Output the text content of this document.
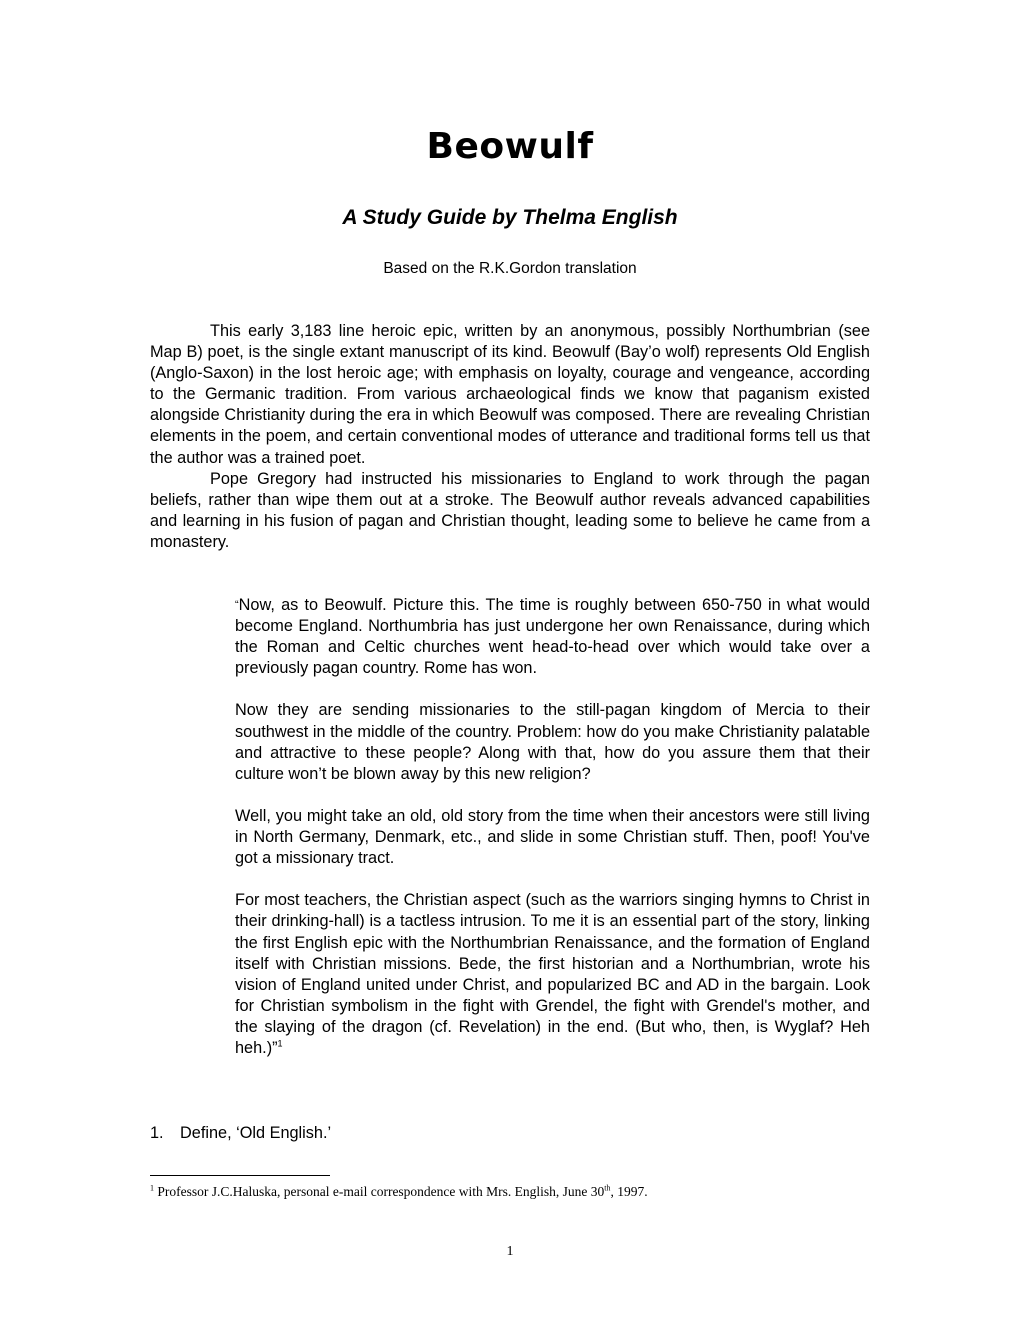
Beowulf
A Study Guide by Thelma English
Based on the R.K.Gordon translation

This early 3,183 line heroic epic, written by an anonymous, possibly Northumbrian (see Map B) poet, is the single extant manuscript of its kind. Beowulf (Bay’o wolf) represents Old English (Anglo-Saxon) in the lost heroic age; with emphasis on loyalty, courage and vengeance, according to the Germanic tradition. From various archaeological finds we know that paganism existed alongside Christianity during the era in which Beowulf was composed. There are revealing Christian elements in the poem, and certain conventional modes of utterance and traditional forms tell us that the author was a trained poet.

Pope Gregory had instructed his missionaries to England to work through the pagan beliefs, rather than wipe them out at a stroke. The Beowulf author reveals advanced capabilities and learning in his fusion of pagan and Christian thought, leading some to believe he came from a monastery.

“Now, as to Beowulf. Picture this. The time is roughly between 650-750 in what would become England. Northumbria has just undergone her own Renaissance, during which the Roman and Celtic churches went head-to-head over which would take over a previously pagan country. Rome has won.

Now they are sending missionaries to the still-pagan kingdom of Mercia to their southwest in the middle of the country. Problem: how do you make Christianity palatable and attractive to these people? Along with that, how do you assure them that their culture won’t be blown away by this new religion?

Well, you might take an old, old story from the time when their ancestors were still living in North Germany, Denmark, etc., and slide in some Christian stuff. Then, poof! You've got a missionary tract.

For most teachers, the Christian aspect (such as the warriors singing hymns to Christ in their drinking-hall) is a tactless intrusion. To me it is an essential part of the story, linking the first English epic with the Northumbrian Renaissance, and the formation of England itself with Christian missions. Bede, the first historian and a Northumbrian, wrote his vision of England united under Christ, and popularized BC and AD in the bargain. Look for Christian symbolism in the fight with Grendel, the fight with Grendel's mother, and the slaying of the dragon (cf. Revelation) in the end. (But who, then, is Wyglaf? Heh heh.)”$^1$

1. Define, ‘Old English.’
$^1$ Professor J.C.Haluska, personal e-mail correspondence with Mrs. English, June 30th, 1997.
1
